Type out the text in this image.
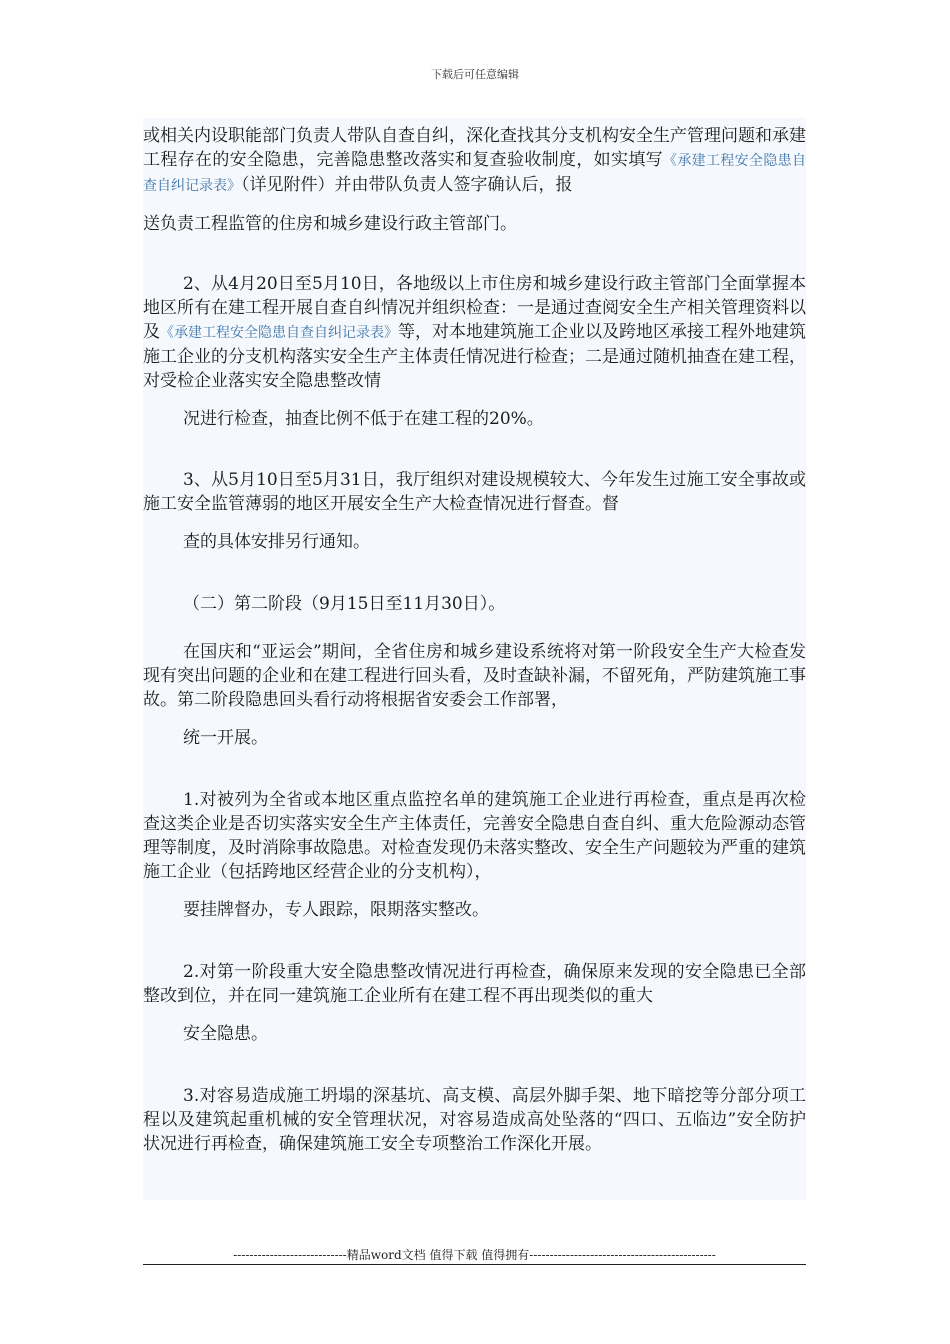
下载后可任意编辑

或相关内设职能部门负责人带队自查自纠，深化查找其分支机构安全生产管理问题和承建工程存在的安全隐患，完善隐患整改落实和复查验收制度，如实填写《承建工程安全隐患自查自纠记录表》（详见附件）并由带队负责人签字确认后，报
送负责工程监管的住房和城乡建设行政主管部门。

2、从4月20日至5月10日，各地级以上市住房和城乡建设行政主管部门全面掌握本地区所有在建工程开展自查自纠情况并组织检查：一是通过查阅安全生产相关管理资料以及《承建工程安全隐患自查自纠记录表》等，对本地建筑施工企业以及跨地区承接工程外地建筑施工企业的分支机构落实安全生产主体责任情况进行检查；二是通过随机抽查在建工程，对受检企业落实安全隐患整改情
况进行检查，抽查比例不低于在建工程的20%。

3、从5月10日至5月31日，我厅组织对建设规模较大、今年发生过施工安全事故或施工安全监管薄弱的地区开展安全生产大检查情况进行督查。督
查的具体安排另行通知。

（二）第二阶段（9月15日至11月30日）。

在国庆和“亚运会”期间，全省住房和城乡建设系统将对第一阶段安全生产大检查发现有突出问题的企业和在建工程进行回头看，及时查缺补漏，不留死角，严防建筑施工事故。第二阶段隐患回头看行动将根据省安委会工作部署，
统一开展。

1.对被列为全省或本地区重点监控名单的建筑施工企业进行再检查，重点是再次检查这类企业是否切实落实安全生产主体责任，完善安全隐患自查自纠、重大危险源动态管理等制度，及时消除事故隐患。对检查发现仍未落实整改、安全生产问题较为严重的建筑施工企业（包括跨地区经营企业的分支机构），
要挂牌督办，专人跟踪，限期落实整改。

2.对第一阶段重大安全隐患整改情况进行再检查，确保原来发现的安全隐患已全部整改到位，并在同一建筑施工企业所有在建工程不再出现类似的重大
安全隐患。

3.对容易造成施工坍塌的深基坑、高支模、高层外脚手架、地下暗挖等分部分项工程以及建筑起重机械的安全管理状况，对容易造成高处坠落的“四口、五临边”安全防护状况进行再检查，确保建筑施工安全专项整治工作深化开展。

----------------------------精品word文档 值得下载 值得拥有----------------------------------------------
